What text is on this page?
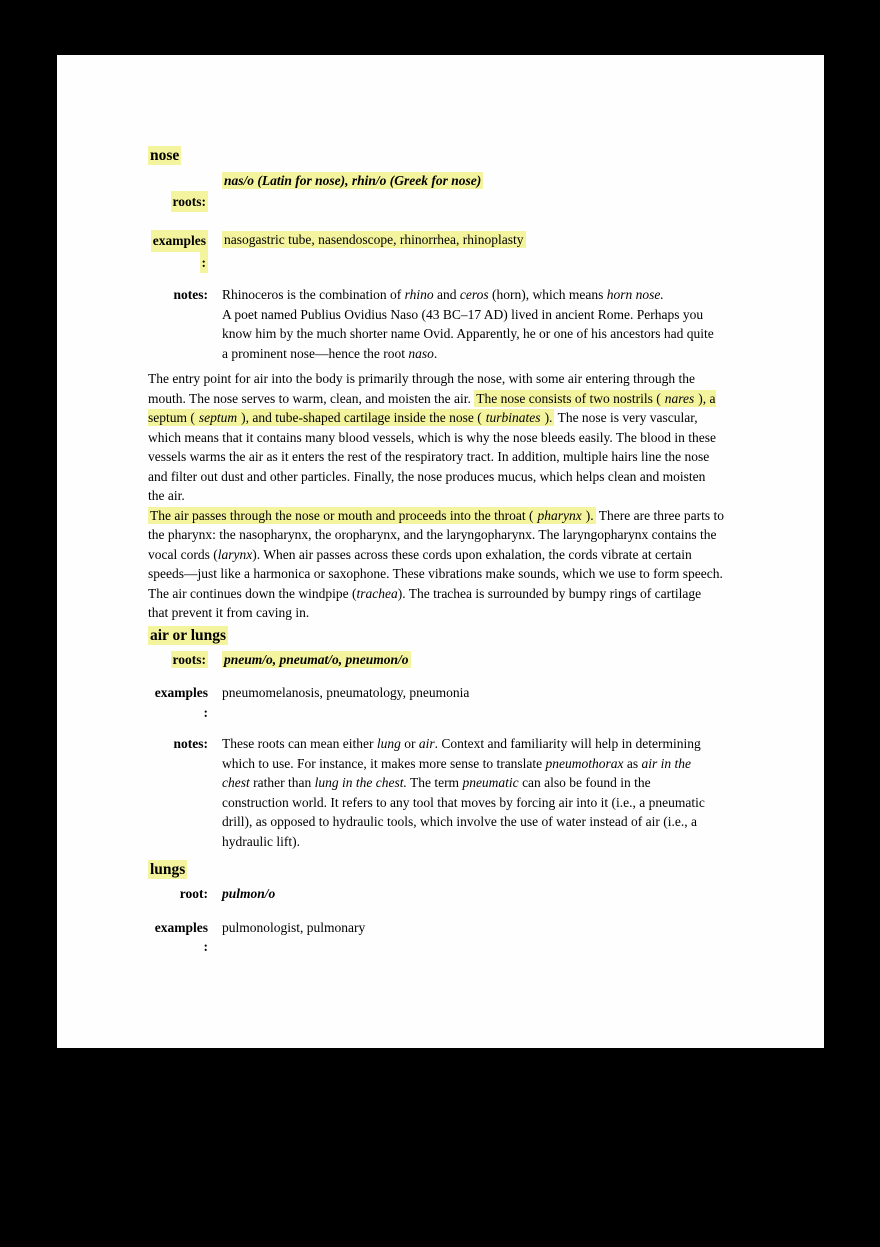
nose
roots:
nas/o (Latin for nose), rhin/o (Greek for nose)
examples
:
nasogastric tube, nasendoscope, rhinorrhea, rhinoplasty
notes: Rhinoceros is the combination of rhino and ceros (horn), which means horn nose.

A poet named Publius Ovidius Naso (43 BC–17 AD) lived in ancient Rome. Perhaps you know him by the much shorter name Ovid. Apparently, he or one of his ancestors had quite a prominent nose—hence the root naso.

The entry point for air into the body is primarily through the nose, with some air entering through the mouth. The nose serves to warm, clean, and moisten the air. The nose consists of two nostrils ( nares ), a septum ( septum ), and tube-shaped cartilage inside the nose ( turbinates ). The nose is very vascular, which means that it contains many blood vessels, which is why the nose bleeds easily. The blood in these vessels warms the air as it enters the rest of the respiratory tract. In addition, multiple hairs line the nose and filter out dust and other particles. Finally, the nose produces mucus, which helps clean and moisten the air.

The air passes through the nose or mouth and proceeds into the throat ( pharynx ). There are three parts to the pharynx: the nasopharynx, the oropharynx, and the laryngopharynx. The laryngopharynx contains the vocal cords (larynx). When air passes across these cords upon exhalation, the cords vibrate at certain speeds—just like a harmonica or saxophone. These vibrations make sounds, which we use to form speech. The air continues down the windpipe (trachea). The trachea is surrounded by bumpy rings of cartilage that prevent it from caving in.

air or lungs
roots: pneum/o, pneumat/o, pneumon/o
examples
:
pneumomelanosis, pneumatology, pneumonia
notes: These roots can mean either lung or air. Context and familiarity will help in determining which to use. For instance, it makes more sense to translate pneumothorax as air in the chest rather than lung in the chest. The term pneumatic can also be found in the construction world. It refers to any tool that moves by forcing air into it (i.e., a pneumatic drill), as opposed to hydraulic tools, which involve the use of water instead of air (i.e., a hydraulic lift).

lungs
root: pulmon/o
examples
:
pulmonologist, pulmonary
